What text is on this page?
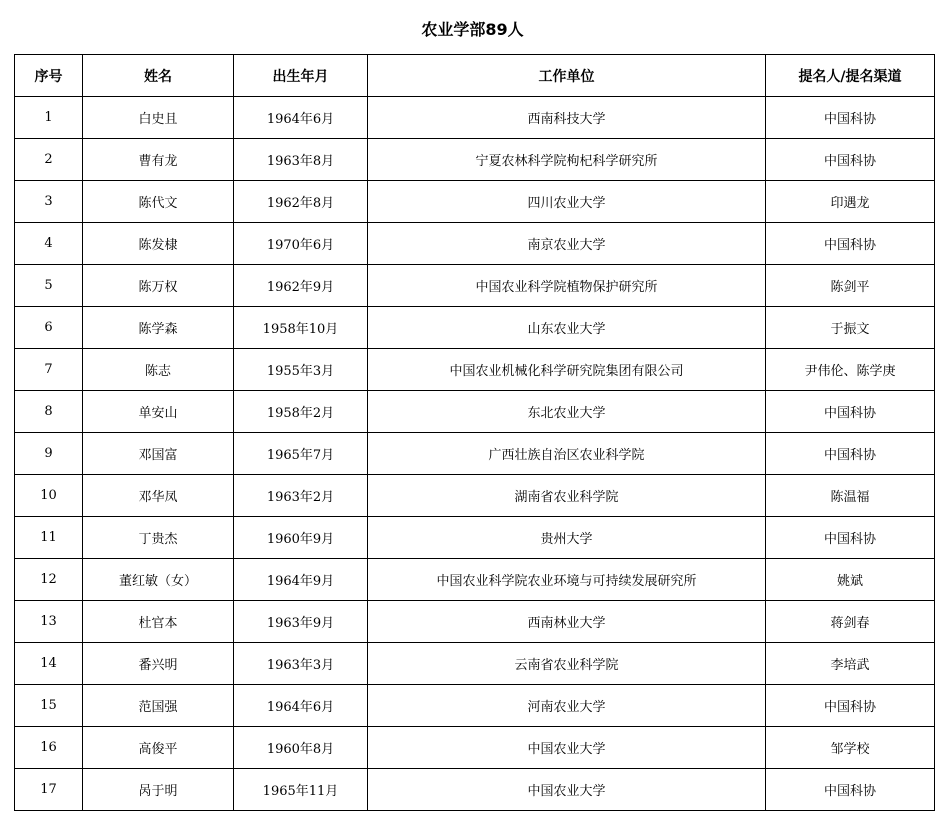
农业学部89人
序号	姓名	出生年月	工作单位	提名人/提名渠道
1	白史且	1964年6月	西南科技大学	中国科协
2	曹有龙	1963年8月	宁夏农林科学院枸杞科学研究所	中国科协
3	陈代文	1962年8月	四川农业大学	印遇龙
4	陈发棣	1970年6月	南京农业大学	中国科协
5	陈万权	1962年9月	中国农业科学院植物保护研究所	陈剑平
6	陈学森	1958年10月	山东农业大学	于振文
7	陈志	1955年3月	中国农业机械化科学研究院集团有限公司	尹伟伦、陈学庚
8	单安山	1958年2月	东北农业大学	中国科协
9	邓国富	1965年7月	广西壮族自治区农业科学院	中国科协
10	邓华凤	1963年2月	湖南省农业科学院	陈温福
11	丁贵杰	1960年9月	贵州大学	中国科协
12	董红敏（女）	1964年9月	中国农业科学院农业环境与可持续发展研究所	姚斌
13	杜官本	1963年9月	西南林业大学	蒋剑春
14	番兴明	1963年3月	云南省农业科学院	李培武
15	范国强	1964年6月	河南农业大学	中国科协
16	高俊平	1960年8月	中国农业大学	邹学校
17	呙于明	1965年11月	中国农业大学	中国科协
